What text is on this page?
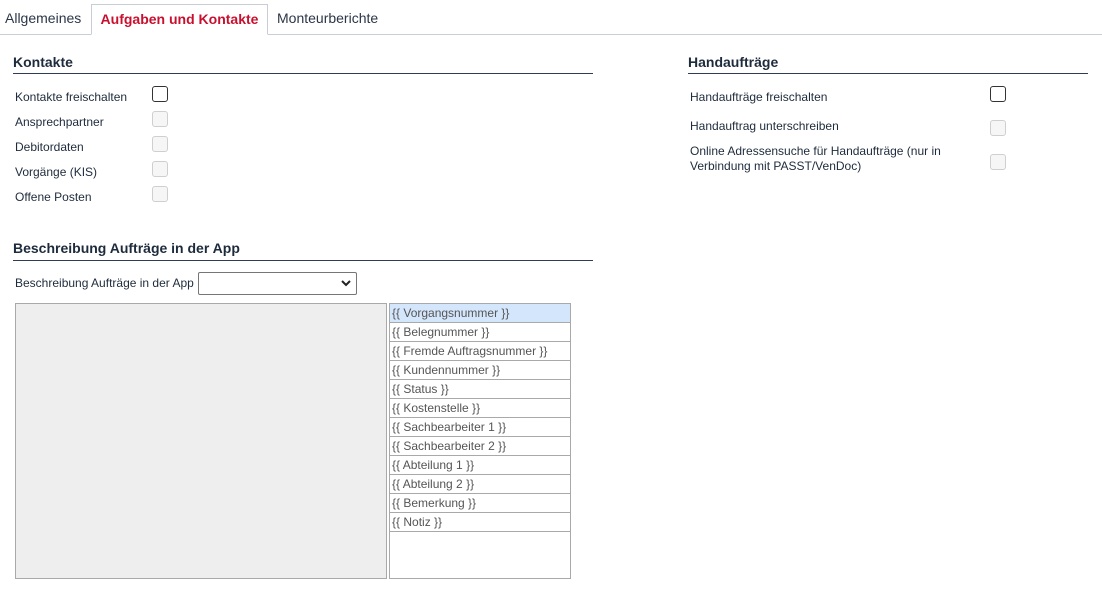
Allgemeines	Aufgaben und Kontakte	Monteurberichte
Kontakte
Kontakte freischalten
Ansprechpartner
Debitordaten
Vorgänge (KIS)
Offene Posten
Handaufträge
Handaufträge freischalten
Handauftrag unterschreiben
Online Adressensuche für Handaufträge (nur in
Verbindung mit PASST/VenDoc)
Beschreibung Aufträge in der App
Beschreibung Aufträge in der App
{{ Vorgangsnummer }}
{{ Belegnummer }}
{{ Fremde Auftragsnummer }}
{{ Kundennummer }}
{{ Status }}
{{ Kostenstelle }}
{{ Sachbearbeiter 1 }}
{{ Sachbearbeiter 2 }}
{{ Abteilung 1 }}
{{ Abteilung 2 }}
{{ Bemerkung }}
{{ Notiz }}
